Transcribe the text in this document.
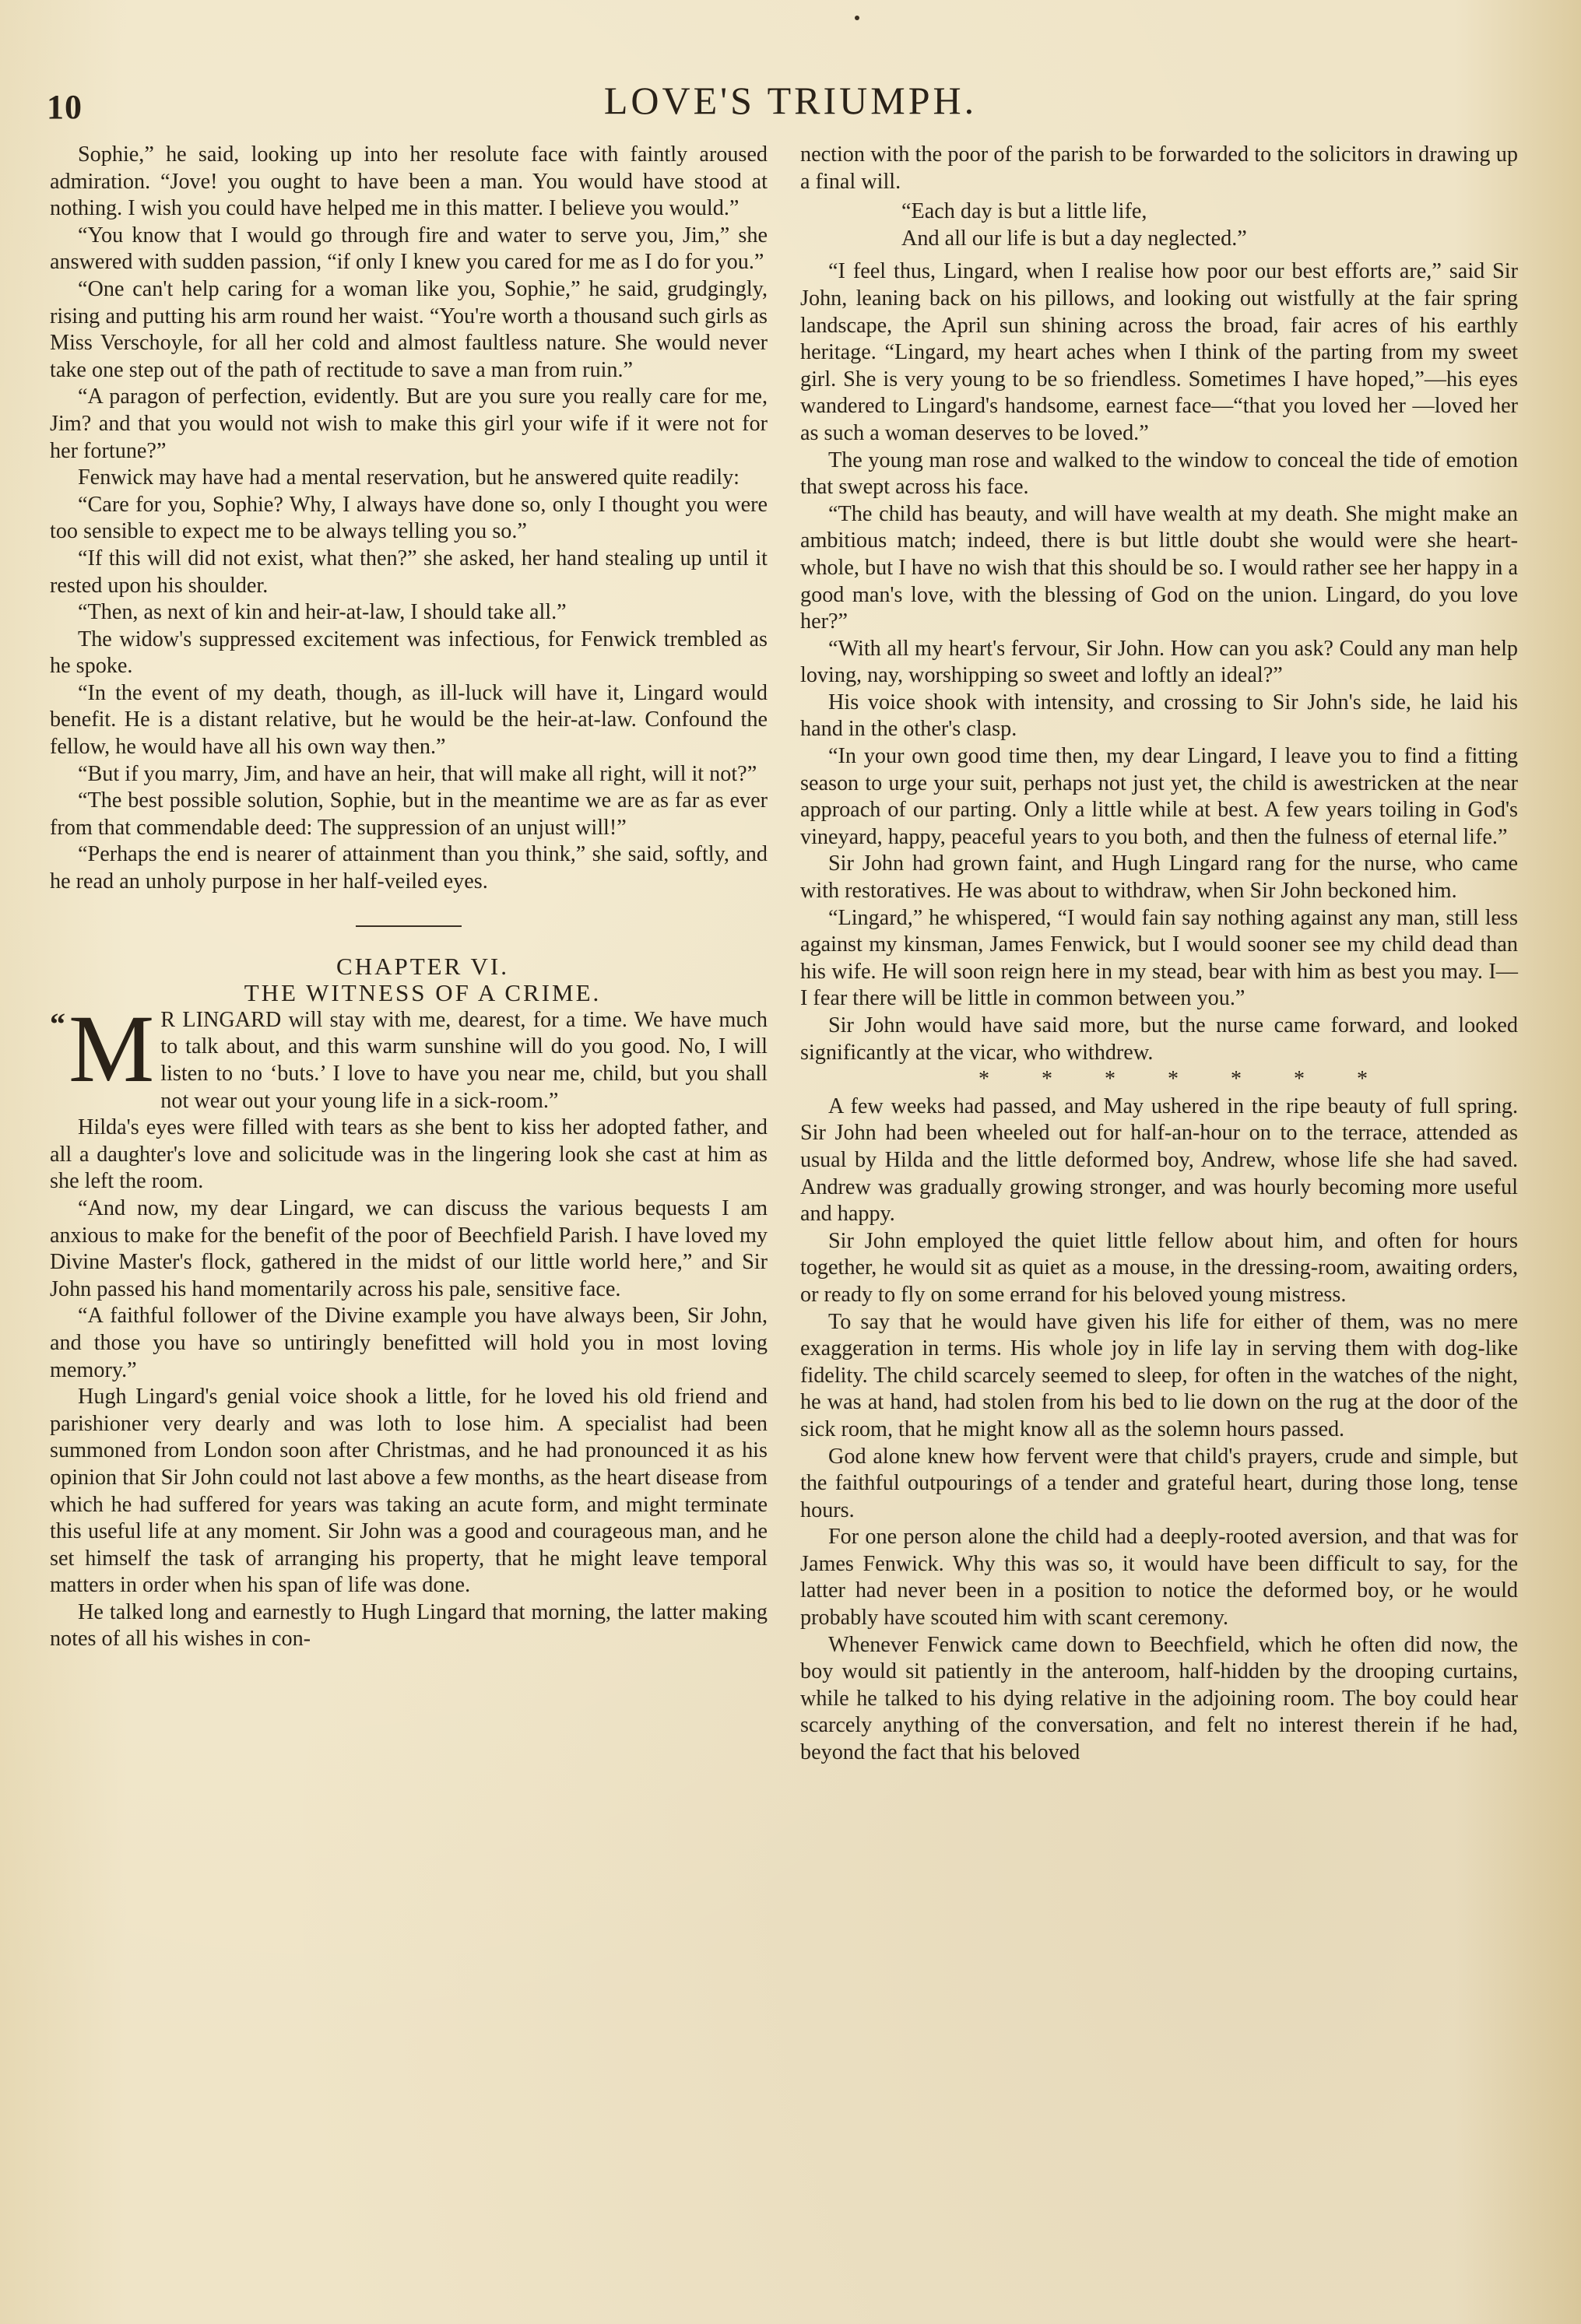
10	LOVE'S TRIUMPH.

Sophie,” he said, looking up into her resolute face with faintly aroused admiration. “Jove! you ought to have been a man. You would have stood at nothing. I wish you could have helped me in this matter. I believe you would.”

“You know that I would go through fire and water to serve you, Jim,” she answered with sudden passion, “if only I knew you cared for me as I do for you.”

“One can't help caring for a woman like you, Sophie,” he said, grudgingly, rising and putting his arm round her waist. “You're worth a thousand such girls as Miss Verschoyle, for all her cold and almost faultless nature. She would never take one step out of the path of rectitude to save a man from ruin.”

“A paragon of perfection, evidently. But are you sure you really care for me, Jim? and that you would not wish to make this girl your wife if it were not for her fortune?”

Fenwick may have had a mental reservation, but he answered quite readily:

“Care for you, Sophie? Why, I always have done so, only I thought you were too sensible to expect me to be always telling you so.”

“If this will did not exist, what then?” she asked, her hand stealing up until it rested upon his shoulder.

“Then, as next of kin and heir-at-law, I should take all.”

The widow's suppressed excitement was infectious, for Fenwick trembled as he spoke.

“In the event of my death, though, as ill-luck will have it, Lingard would benefit. He is a distant relative, but he would be the heir-at-law. Confound the fellow, he would have all his own way then.”

“But if you marry, Jim, and have an heir, that will make all right, will it not?”

“The best possible solution, Sophie, but in the meantime we are as far as ever from that commendable deed: The suppression of an unjust will!”

“Perhaps the end is nearer of attainment than you think,” she said, softly, and he read an unholy purpose in her half-veiled eyes.

CHAPTER VI.

THE WITNESS OF A CRIME.

“ M R LINGARD will stay with me, dearest, for a time. We have much to talk about, and this warm sunshine will do you good. No, I will listen to no ‘buts.’ I love to have you near me, child, but you shall not wear out your young life in a sick-room.”

Hilda's eyes were filled with tears as she bent to kiss her adopted father, and all a daughter's love and solicitude was in the lingering look she cast at him as she left the room.

“And now, my dear Lingard, we can discuss the various bequests I am anxious to make for the benefit of the poor of Beechfield Parish. I have loved my Divine Master's flock, gathered in the midst of our little world here,” and Sir John passed his hand momentarily across his pale, sensitive face.

“A faithful follower of the Divine example you have always been, Sir John, and those you have so untiringly benefitted will hold you in most loving memory.”

Hugh Lingard's genial voice shook a little, for he loved his old friend and parishioner very dearly and was loth to lose him. A specialist had been summoned from London soon after Christmas, and he had pronounced it as his opinion that Sir John could not last above a few months, as the heart disease from which he had suffered for years was taking an acute form, and might terminate this useful life at any moment. Sir John was a good and courageous man, and he set himself the task of arranging his property, that he might leave temporal matters in order when his span of life was done.

He talked long and earnestly to Hugh Lingard that morning, the latter making notes of all his wishes in con-

nection with the poor of the parish to be forwarded to the solicitors in drawing up a final will.

“Each day is but a little life,
And all our life is but a day neglected.”

“I feel thus, Lingard, when I realise how poor our best efforts are,” said Sir John, leaning back on his pillows, and looking out wistfully at the fair spring landscape, the April sun shining across the broad, fair acres of his earthly heritage. “Lingard, my heart aches when I think of the parting from my sweet girl. She is very young to be so friendless. Sometimes I have hoped,”—his eyes wandered to Lingard's handsome, earnest face—“that you loved her —loved her as such a woman deserves to be loved.”

The young man rose and walked to the window to conceal the tide of emotion that swept across his face.

“The child has beauty, and will have wealth at my death. She might make an ambitious match; indeed, there is but little doubt she would were she heart-whole, but I have no wish that this should be so. I would rather see her happy in a good man's love, with the blessing of God on the union. Lingard, do you love her?”

“With all my heart's fervour, Sir John. How can you ask? Could any man help loving, nay, worshipping so sweet and loftly an ideal?”

His voice shook with intensity, and crossing to Sir John's side, he laid his hand in the other's clasp.

“In your own good time then, my dear Lingard, I leave you to find a fitting season to urge your suit, perhaps not just yet, the child is awestricken at the near approach of our parting. Only a little while at best. A few years toiling in God's vineyard, happy, peaceful years to you both, and then the fulness of eternal life.”

Sir John had grown faint, and Hugh Lingard rang for the nurse, who came with restoratives. He was about to withdraw, when Sir John beckoned him.

“Lingard,” he whispered, “I would fain say nothing against any man, still less against my kinsman, James Fenwick, but I would sooner see my child dead than his wife. He will soon reign here in my stead, bear with him as best you may. I—I fear there will be little in common between you.”

Sir John would have said more, but the nurse came forward, and looked significantly at the vicar, who withdrew.

* * * * * * *

A few weeks had passed, and May ushered in the ripe beauty of full spring. Sir John had been wheeled out for half-an-hour on to the terrace, attended as usual by Hilda and the little deformed boy, Andrew, whose life she had saved. Andrew was gradually growing stronger, and was hourly becoming more useful and happy.

Sir John employed the quiet little fellow about him, and often for hours together, he would sit as quiet as a mouse, in the dressing-room, awaiting orders, or ready to fly on some errand for his beloved young mistress.

To say that he would have given his life for either of them, was no mere exaggeration in terms. His whole joy in life lay in serving them with dog-like fidelity. The child scarcely seemed to sleep, for often in the watches of the night, he was at hand, had stolen from his bed to lie down on the rug at the door of the sick room, that he might know all as the solemn hours passed.

God alone knew how fervent were that child's prayers, crude and simple, but the faithful outpourings of a tender and grateful heart, during those long, tense hours.

For one person alone the child had a deeply-rooted aversion, and that was for James Fenwick. Why this was so, it would have been difficult to say, for the latter had never been in a position to notice the deformed boy, or he would probably have scouted him with scant ceremony.

Whenever Fenwick came down to Beechfield, which he often did now, the boy would sit patiently in the anteroom, half-hidden by the drooping curtains, while he talked to his dying relative in the adjoining room. The boy could hear scarcely anything of the conversation, and felt no interest therein if he had, beyond the fact that his beloved
